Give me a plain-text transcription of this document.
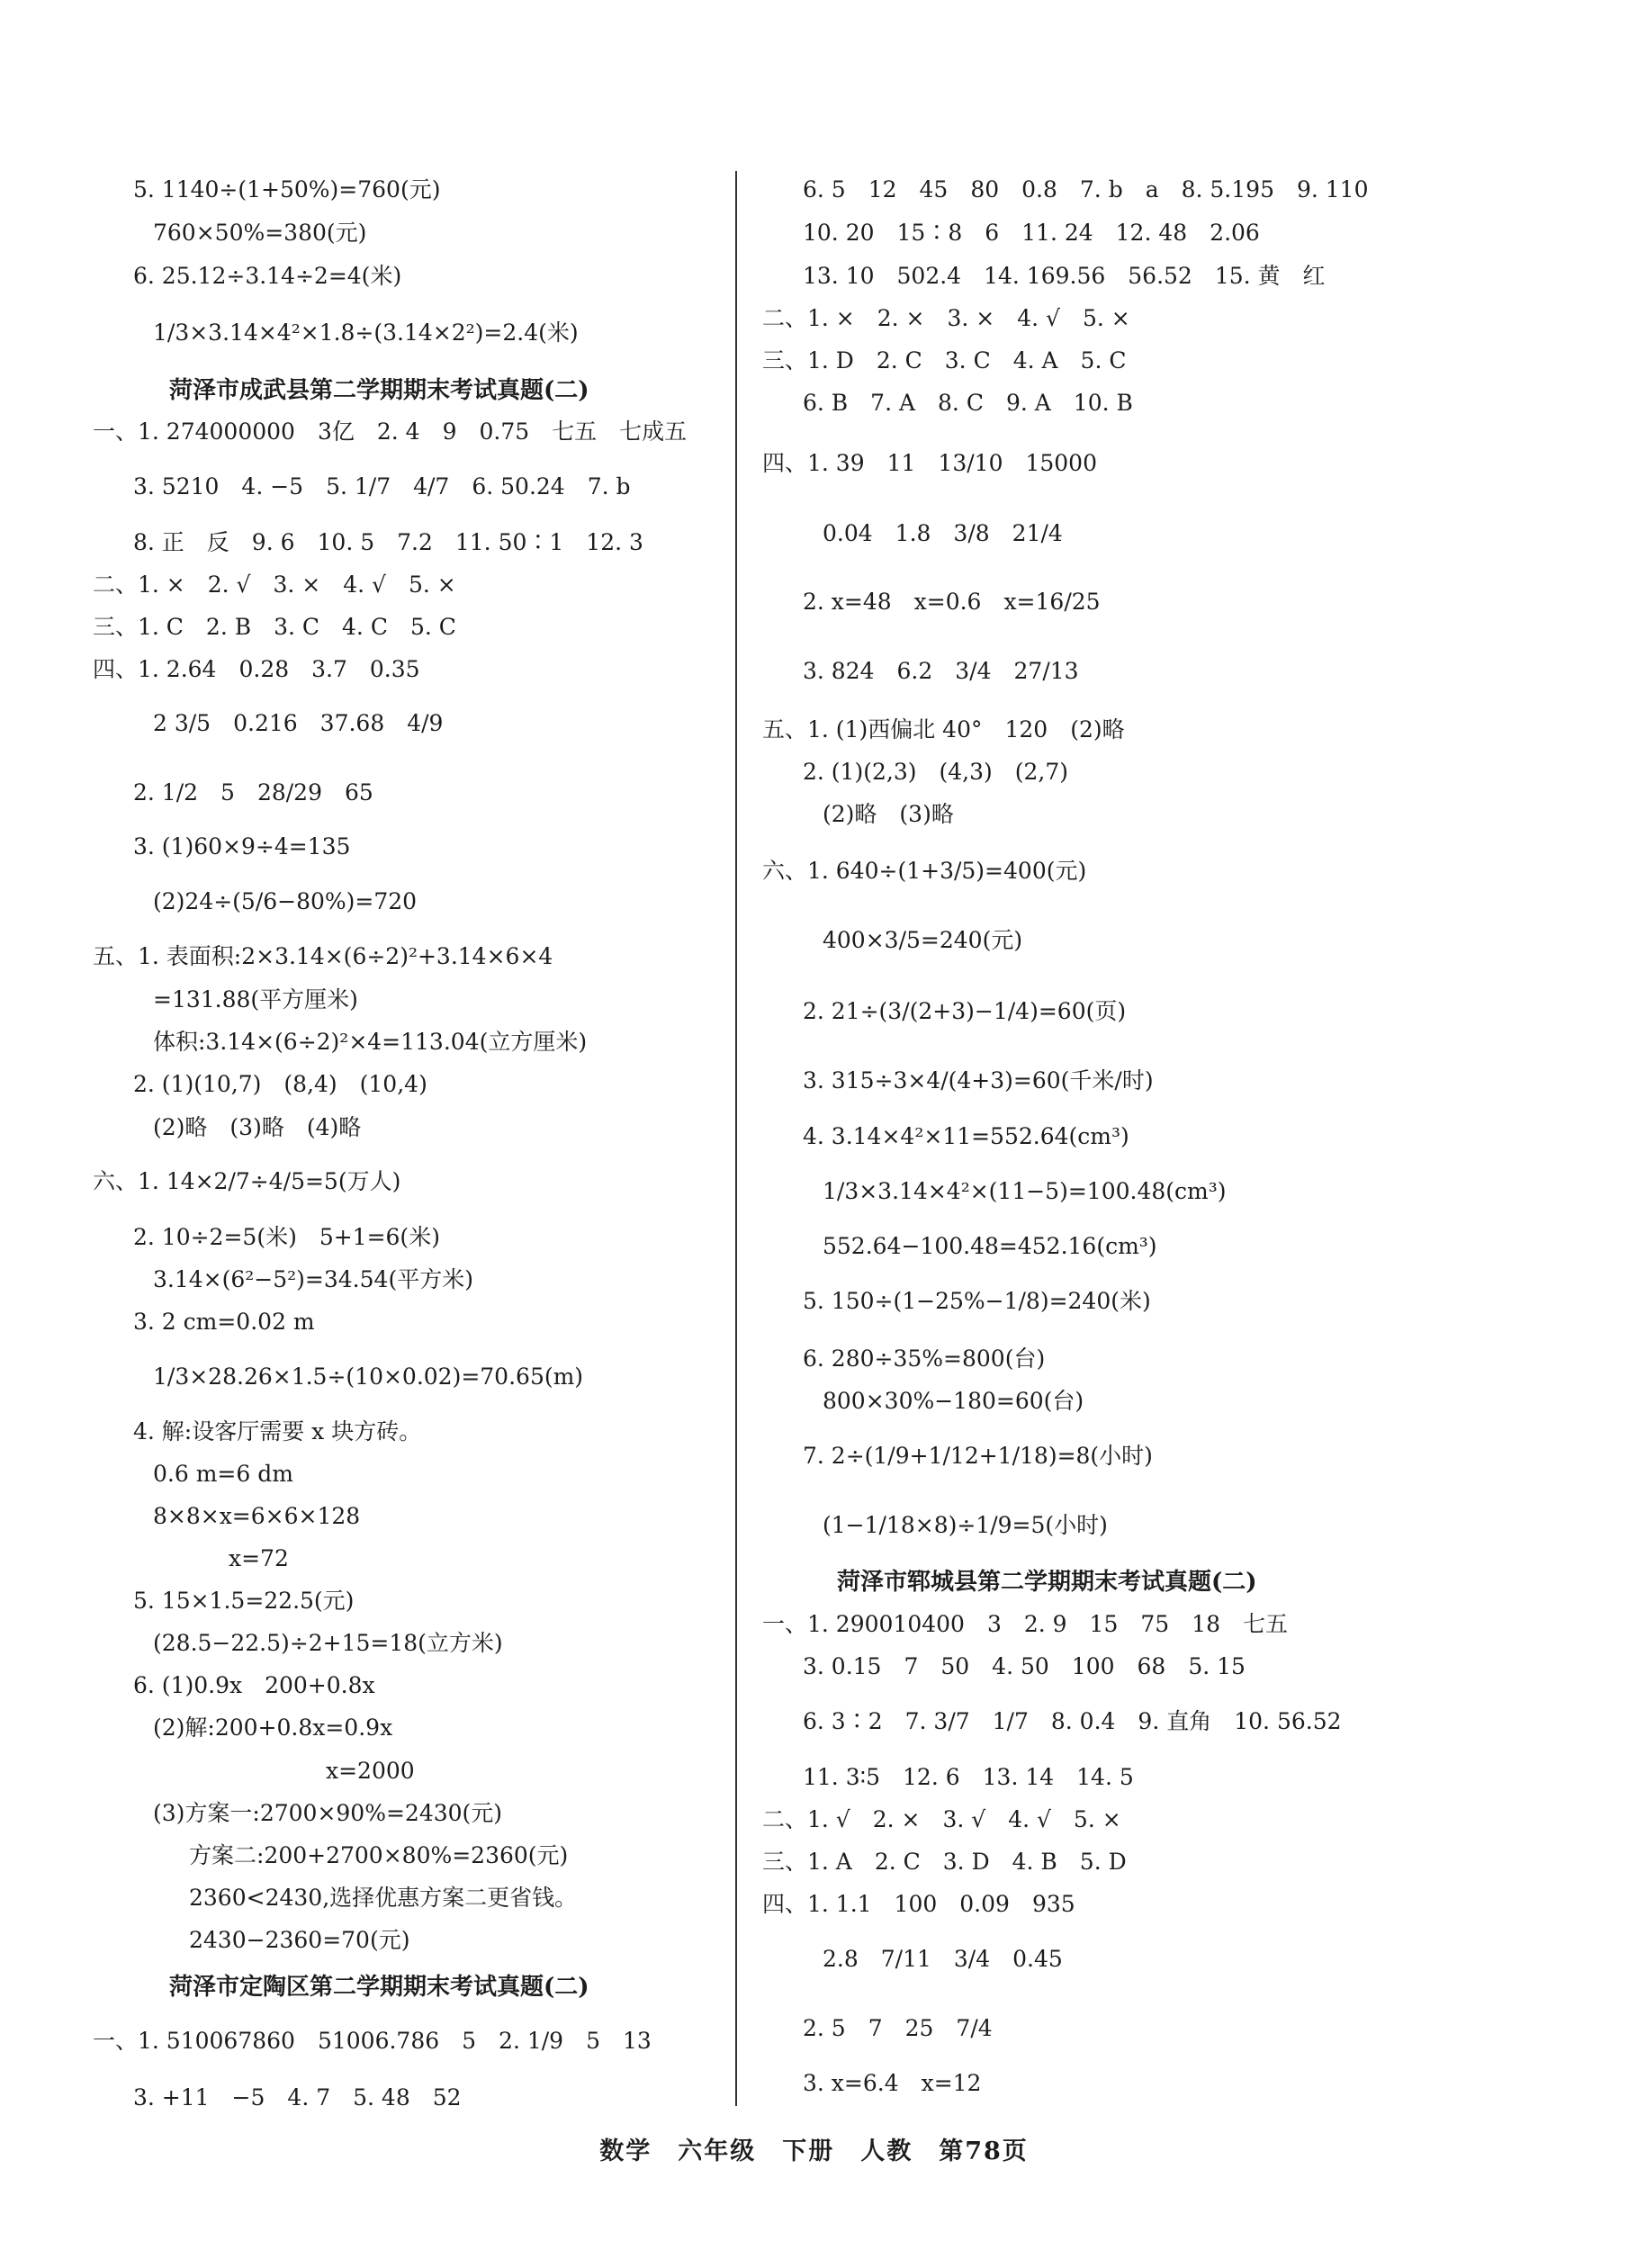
5. 1140÷(1+50%)=760(元)
760×50%=380(元)
6. 25.12÷3.14÷2=4(米)
1/3×3.14×4²×1.8÷(3.14×2²)=2.4(米)
菏泽市成武县第二学期期末考试真题(二)
一、1. 274000000　3亿　2. 4　9　0.75　七五　七成五
3. 5210　4. −5　5. 1/7　4/7　6. 50.24　7. b
8. 正　反　9. 6　10. 5　7.2　11. 50∶1　12. 3
二、1. ×　2. √　3. ×　4. √　5. ×
三、1. C　2. B　3. C　4. C　5. C
四、1. 2.64　0.28　3.7　0.35
2 3/5　0.216　37.68　4/9
2. 1/2　5　28/29　65
3. (1)60×9÷4=135
(2)24÷(5/6−80%)=720
五、1. 表面积:2×3.14×(6÷2)²+3.14×6×4
=131.88(平方厘米)
体积:3.14×(6÷2)²×4=113.04(立方厘米)
2. (1)(10,7)　(8,4)　(10,4)
(2)略　(3)略　(4)略
六、1. 14×2/7÷4/5=5(万人)
2. 10÷2=5(米)　5+1=6(米)
3.14×(6²−5²)=34.54(平方米)
3. 2 cm=0.02 m
1/3×28.26×1.5÷(10×0.02)=70.65(m)
4. 解:设客厅需要 x 块方砖。
0.6 m=6 dm
8×8×x=6×6×128
x=72
5. 15×1.5=22.5(元)
(28.5−22.5)÷2+15=18(立方米)
6. (1)0.9x　200+0.8x
(2)解:200+0.8x=0.9x
x=2000
(3)方案一:2700×90%=2430(元)
方案二:200+2700×80%=2360(元)
2360<2430,选择优惠方案二更省钱。
2430−2360=70(元)
菏泽市定陶区第二学期期末考试真题(二)
一、1. 510067860　51006.786　5　2. 1/9　5　13
3. +11　−5　4. 7　5. 48　52
6. 5　12　45　80　0.8　7. b　a　8. 5.195　9. 110
10. 20　15∶8　6　11. 24　12. 48　2.06
13. 10　502.4　14. 169.56　56.52　15. 黄　红
二、1. ×　2. ×　3. ×　4. √　5. ×
三、1. D　2. C　3. C　4. A　5. C
6. B　7. A　8. C　9. A　10. B
四、1. 39　11　13/10　15000
0.04　1.8　3/8　21/4
2. x=48　x=0.6　x=16/25
3. 824　6.2　3/4　27/13
五、1. (1)西偏北 40°　120　(2)略
2. (1)(2,3)　(4,3)　(2,7)
(2)略　(3)略
六、1. 640÷(1+3/5)=400(元)
400×3/5=240(元)
2. 21÷(3/(2+3)−1/4)=60(页)
3. 315÷3×4/(4+3)=60(千米/时)
4. 3.14×4²×11=552.64(cm³)
1/3×3.14×4²×(11−5)=100.48(cm³)
552.64−100.48=452.16(cm³)
5. 150÷(1−25%−1/8)=240(米)
6. 280÷35%=800(台)
800×30%−180=60(台)
7. 2÷(1/9+1/12+1/18)=8(小时)
(1−1/18×8)÷1/9=5(小时)
菏泽市郓城县第二学期期末考试真题(二)
一、1. 290010400　3　2. 9　15　75　18　七五
3. 0.15　7　50　4. 50　100　68　5. 15
6. 3∶2　7. 3/7　1/7　8. 0.4　9. 直角　10. 56.52
11. 3∶5　12. 6　13. 14　14. 5
二、1. √　2. ×　3. √　4. √　5. ×
三、1. A　2. C　3. D　4. B　5. D
四、1. 1.1　100　0.09　935
2.8　7/11　3/4　0.45
2. 5　7　25　7/4
3. x=6.4　x=12
数学　六年级　下册　人教　第78页
